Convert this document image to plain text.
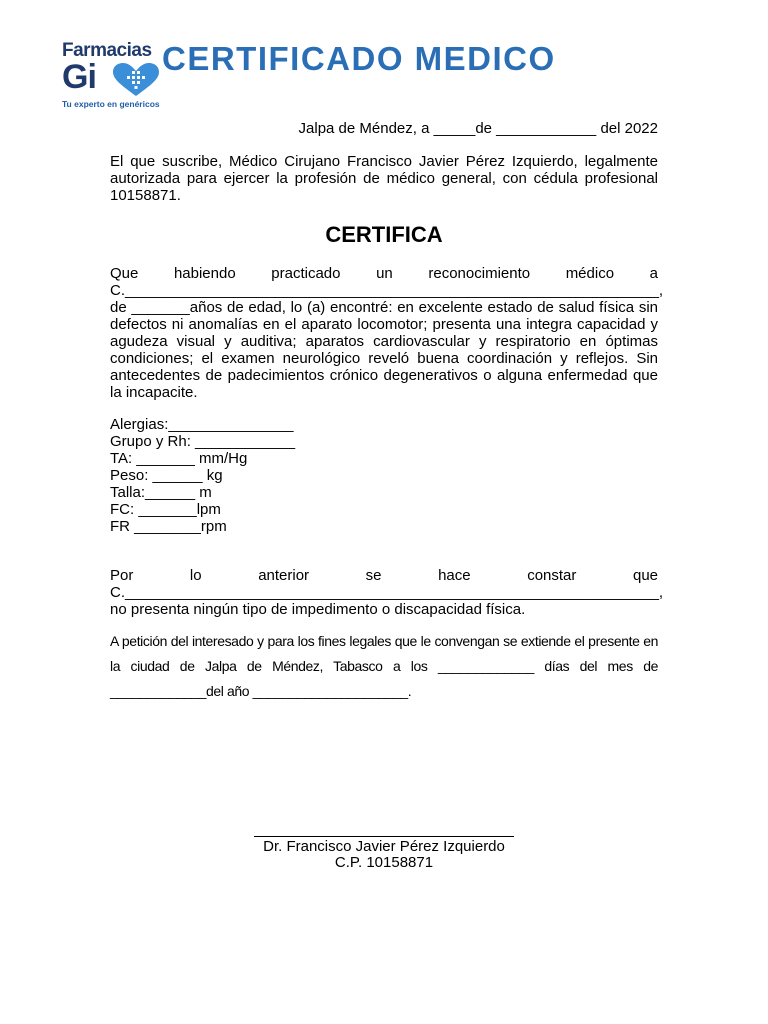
Farmacias
Gi
Tu experto en genéricos
CERTIFICADO MEDICO

Jalpa de Méndez, a _____de ____________ del 2022

El que suscribe, Médico Cirujano Francisco Javier Pérez Izquierdo, legalmente autorizada para ejercer la profesión de médico general, con cédula profesional 10158871.

CERTIFICA

Que habiendo practicado un reconocimiento médico a C.________________________________________________________________,
de _______años de edad, lo (a) encontré: en excelente estado de salud física sin defectos ni anomalías en el aparato locomotor; presenta una integra capacidad y agudeza visual y auditiva; aparatos cardiovascular y respiratorio en óptimas condiciones; el examen neurológico reveló buena coordinación y reflejos. Sin antecedentes de padecimientos crónico degenerativos o alguna enfermedad que la incapacite.

Alergias:_______________
Grupo y Rh: ____________
TA: _______ mm/Hg
Peso: ______ kg
Talla:______ m
FC: _______lpm
FR ________rpm

Por lo anterior se hace constar que C.________________________________________________________________,
no presenta ningún tipo de impedimento o discapacidad física.

A petición del interesado y para los fines legales que le convengan se extiende el presente en la ciudad de Jalpa de Méndez, Tabasco a los _____________ días del mes de _____________del año _____________________.

Dr. Francisco Javier Pérez Izquierdo
C.P. 10158871
